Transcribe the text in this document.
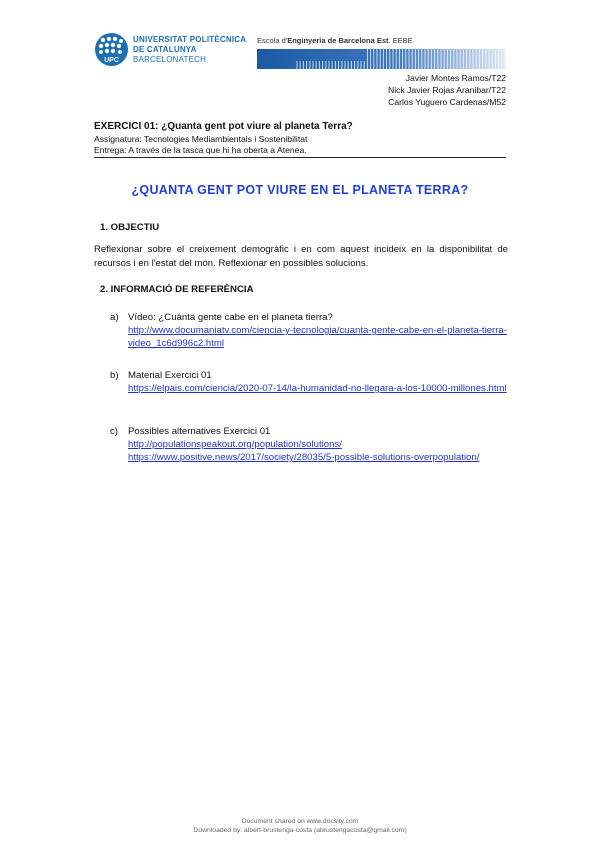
UPC
UNIVERSITAT POLITÈCNICA
DE CATALUNYA
BARCELONATECH
Escola d'Enginyeria de Barcelona Est. EEBE
Javier Montes Ramos/T22
Nick Javier Rojas Aranibar/T22
Carlos Yuguero Cardenas/M52
EXERCICI 01: ¿Quanta gent pot viure al planeta Terra?
Assignatura: Tecnologies Mediambientals i Sostenibilitat
Entrega: A través de la tasca que hi ha oberta a Atenea.
¿QUANTA GENT POT VIURE EN EL PLANETA TERRA?
1. OBJECTIU
Reflexionar sobre el creixement demogràfic i en com aquest incideix en la disponibilitat de recursos i en l'estat del món. Reflexionar en possibles solucions.
2. INFORMACIÓ DE REFERÈNCIA
a) Vídeo: ¿Cuánta gente cabe en el planeta tierra?
http://www.documaniatv.com/ciencia-y-tecnologia/cuanta-gente-cabe-en-el-planeta-tierra-video_1c6d996c2.html
b) Material Exercici 01
https://elpais.com/ciencia/2020-07-14/la-humanidad-no-llegara-a-los-10000-millones.html
c) Possibles alternatives Exercici 01
http://populationspeakout.org/population/solutions/
https://www.positive.news/2017/society/28035/5-possible-solutions-overpopulation/
Document shared on www.docsity.com
Downloaded by: albert-brustenga-costa (abrustengacosta@gmail.com)
